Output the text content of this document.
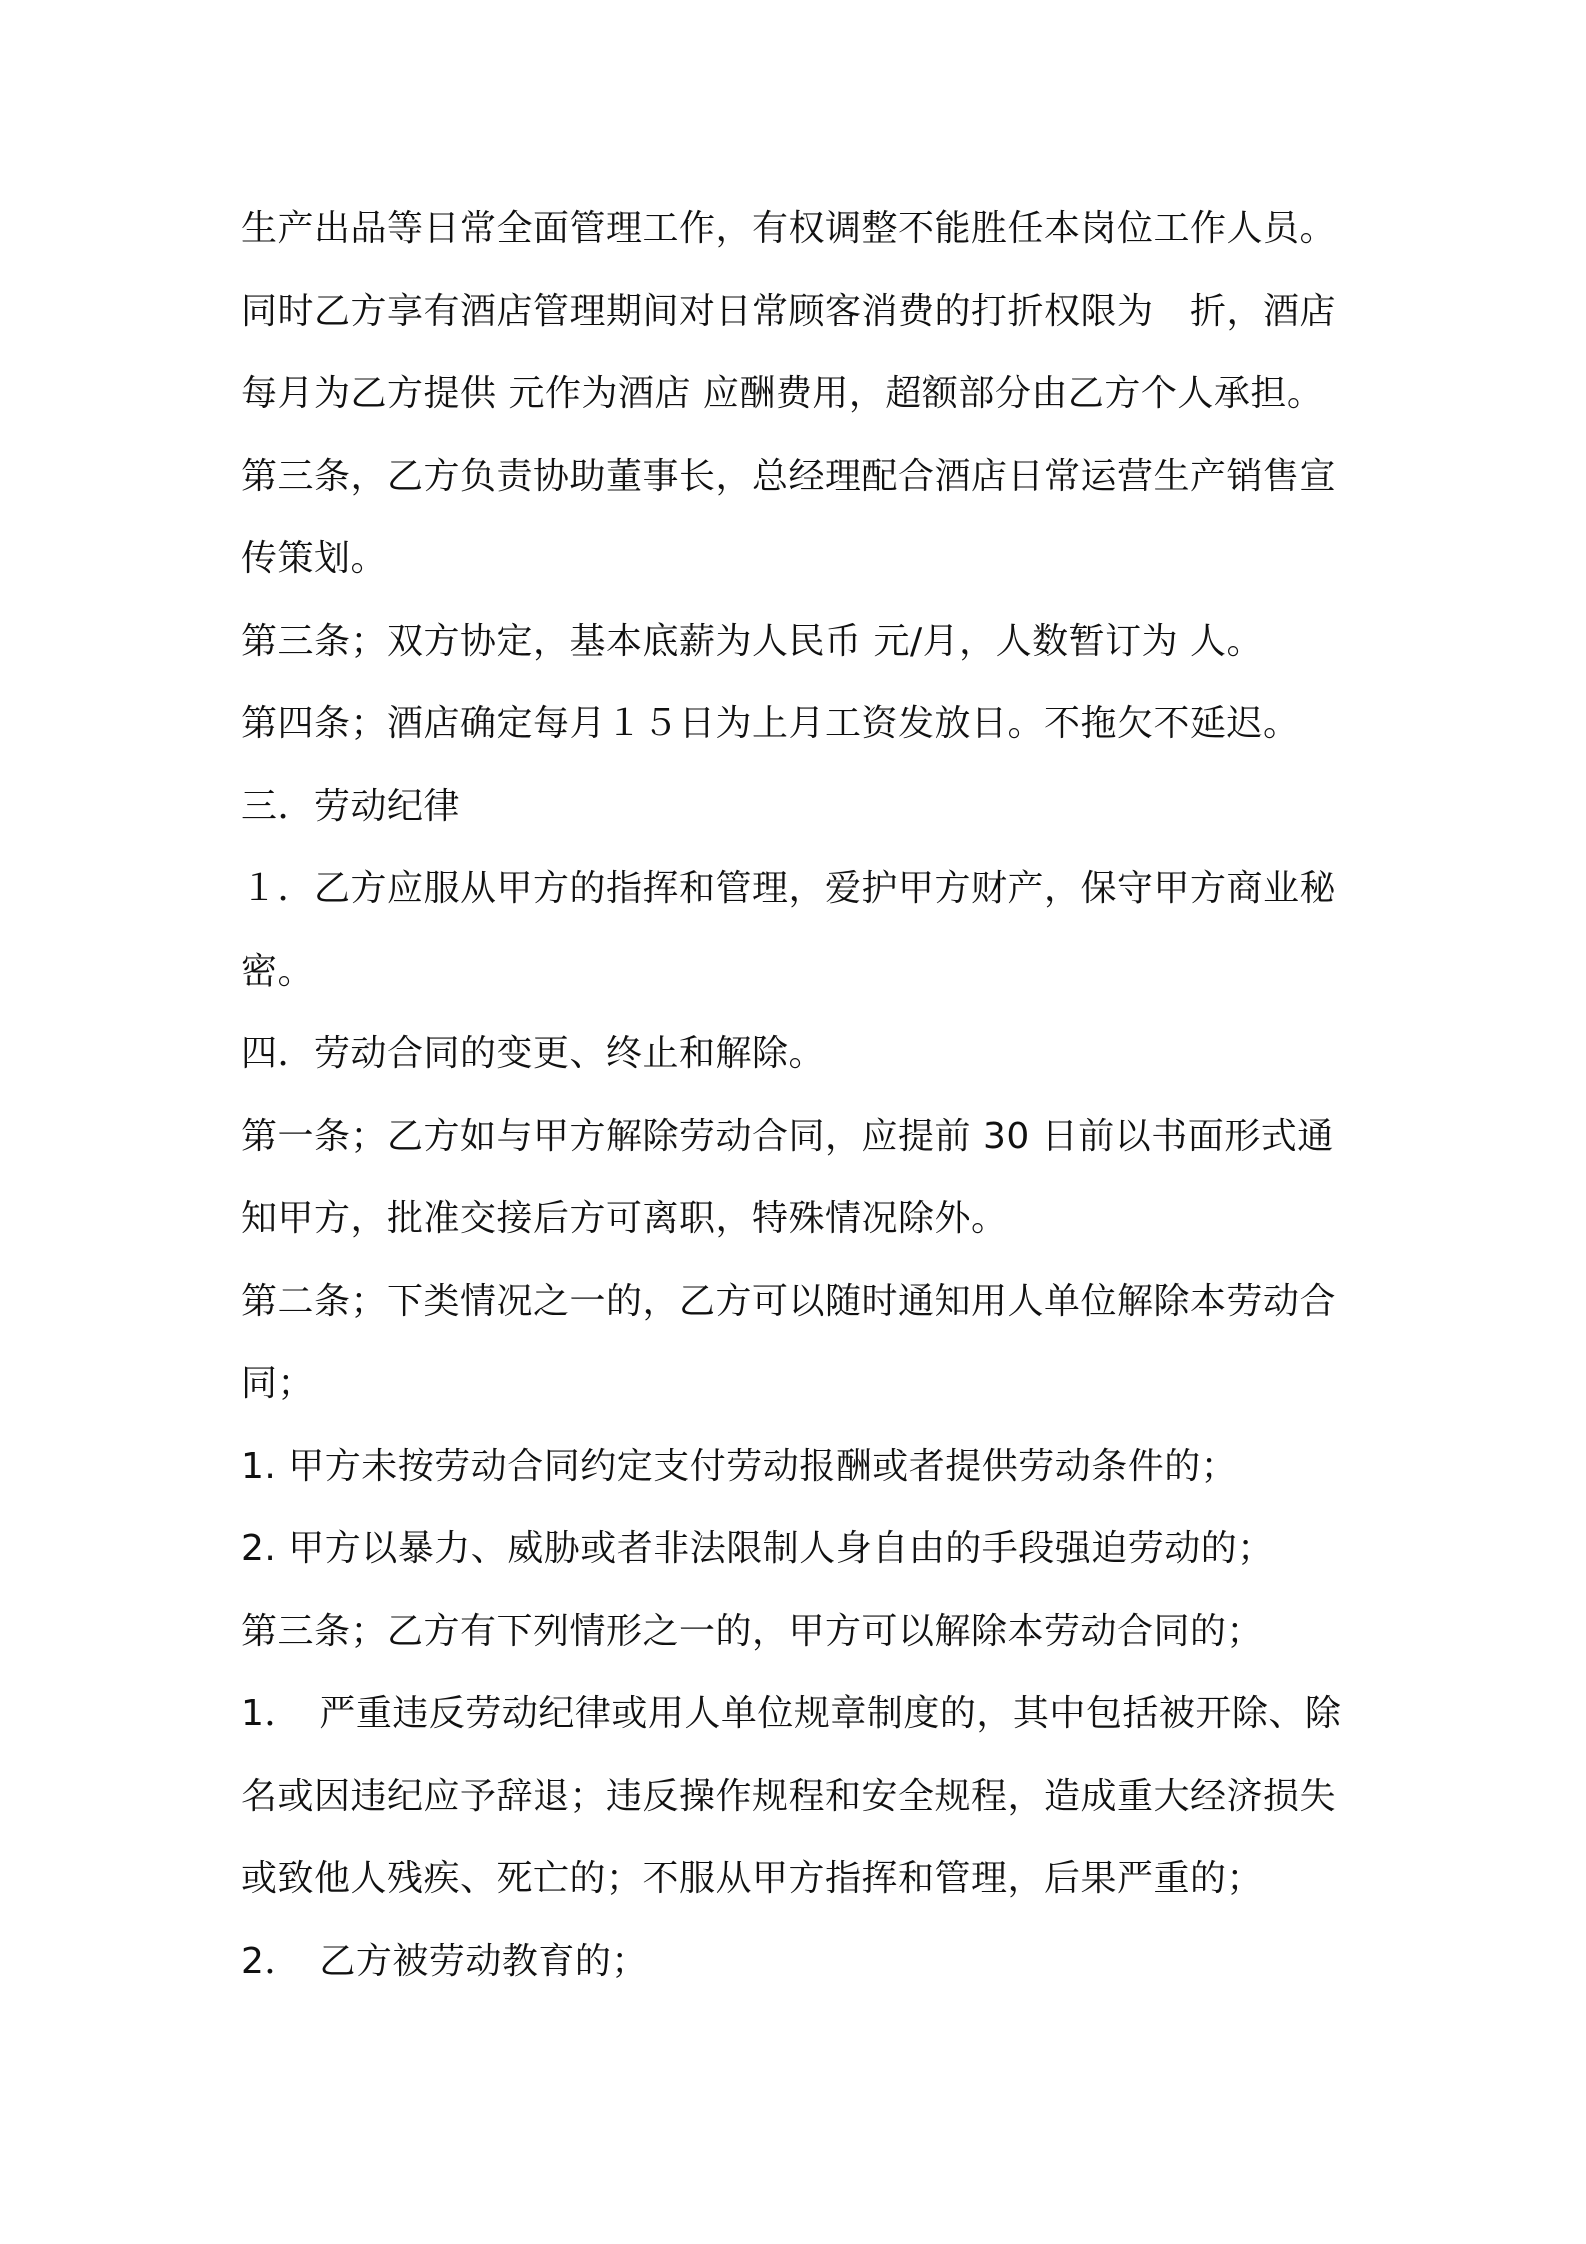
生产出品等日常全面管理工作，有权调整不能胜任本岗位工作人员。
同时乙方享有酒店管理期间对日常顾客消费的打折权限为　折，酒店
每月为乙方提供 元作为酒店 应酬费用，超额部分由乙方个人承担。
第三条，乙方负责协助董事长，总经理配合酒店日常运营生产销售宣
传策划。
第三条；双方协定，基本底薪为人民币 元/月，人数暂订为 人。
第四条；酒店确定每月１５日为上月工资发放日。不拖欠不延迟。
三．劳动纪律
１．乙方应服从甲方的指挥和管理，爱护甲方财产，保守甲方商业秘
密。
四．劳动合同的变更、终止和解除。
第一条；乙方如与甲方解除劳动合同，应提前 30 日前以书面形式通
知甲方，批准交接后方可离职，特殊情况除外。
第二条；下类情况之一的，乙方可以随时通知用人单位解除本劳动合
同；
1. 甲方未按劳动合同约定支付劳动报酬或者提供劳动条件的；
2. 甲方以暴力、威胁或者非法限制人身自由的手段强迫劳动的；
第三条；乙方有下列情形之一的，甲方可以解除本劳动合同的；
1．　严重违反劳动纪律或用人单位规章制度的，其中包括被开除、除
名或因违纪应予辞退；违反操作规程和安全规程，造成重大经济损失
或致他人残疾、死亡的；不服从甲方指挥和管理，后果严重的；
2．　乙方被劳动教育的；
